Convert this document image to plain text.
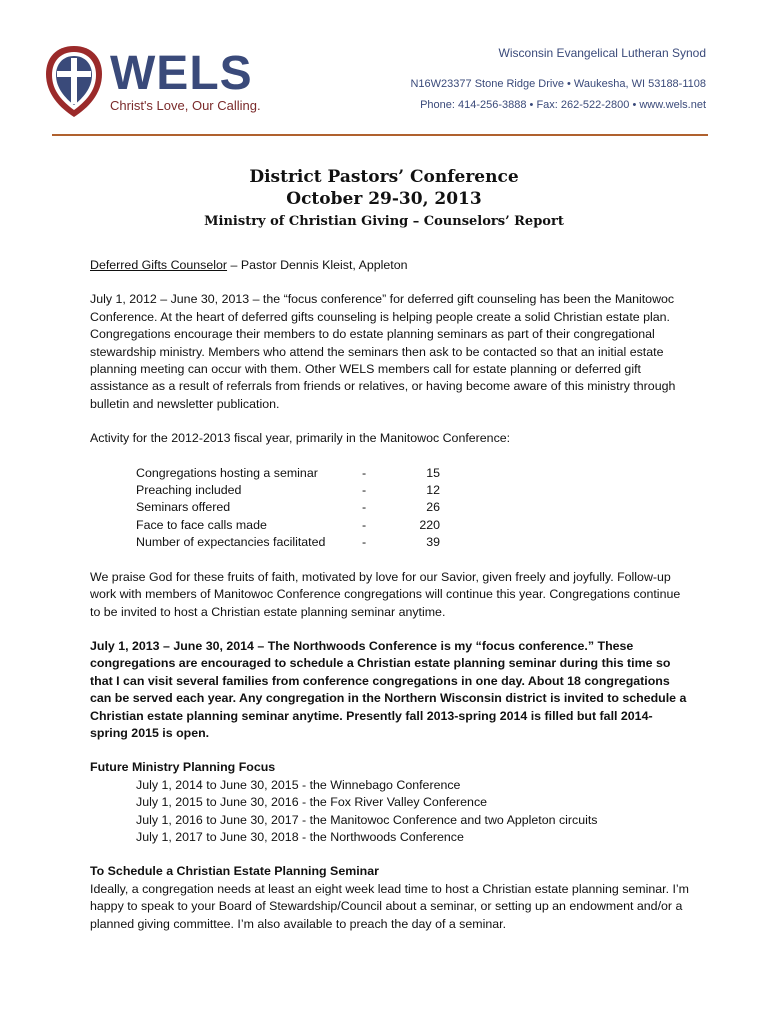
WELS
Christ's Love, Our Calling.
Wisconsin Evangelical Lutheran Synod
N16W23377 Stone Ridge Drive • Waukesha, WI 53188-1108
Phone: 414-256-3888 • Fax: 262-522-2800 • www.wels.net
District Pastors’ Conference
October 29-30, 2013
Ministry of Christian Giving – Counselors’ Report

Deferred Gifts Counselor – Pastor Dennis Kleist, Appleton

July 1, 2012 – June 30, 2013 – the “focus conference” for deferred gift counseling has been the Manitowoc Conference. At the heart of deferred gifts counseling is helping people create a solid Christian estate plan. Congregations encourage their members to do estate planning seminars as part of their congregational stewardship ministry. Members who attend the seminars then ask to be contacted so that an initial estate planning meeting can occur with them. Other WELS members call for estate planning or deferred gift assistance as a result of referrals from friends or relatives, or having become aware of this ministry through bulletin and newsletter publication.

Activity for the 2012-2013 fiscal year, primarily in the Manitowoc Conference:

Congregations hosting a seminar	-	15
Preaching included	-	12
Seminars offered	-	26
Face to face calls made	-	220
Number of expectancies facilitated	-	39

We praise God for these fruits of faith, motivated by love for our Savior, given freely and joyfully. Follow-up work with members of Manitowoc Conference congregations will continue this year. Congregations continue to be invited to host a Christian estate planning seminar anytime.

July 1, 2013 – June 30, 2014 – The Northwoods Conference is my “focus conference.” These congregations are encouraged to schedule a Christian estate planning seminar during this time so that I can visit several families from conference congregations in one day. About 18 congregations can be served each year. Any congregation in the Northern Wisconsin district is invited to schedule a Christian estate planning seminar anytime. Presently fall 2013-spring 2014 is filled but fall 2014-spring 2015 is open.

Future Ministry Planning Focus

July 1, 2014 to June 30, 2015 - the Winnebago Conference

July 1, 2015 to June 30, 2016 - the Fox River Valley Conference

July 1, 2016 to June 30, 2017 - the Manitowoc Conference and two Appleton circuits

July 1, 2017 to June 30, 2018 - the Northwoods Conference

To Schedule a Christian Estate Planning Seminar

Ideally, a congregation needs at least an eight week lead time to host a Christian estate planning seminar. I’m happy to speak to your Board of Stewardship/Council about a seminar, or setting up an endowment and/or a planned giving committee. I’m also available to preach the day of a seminar.
